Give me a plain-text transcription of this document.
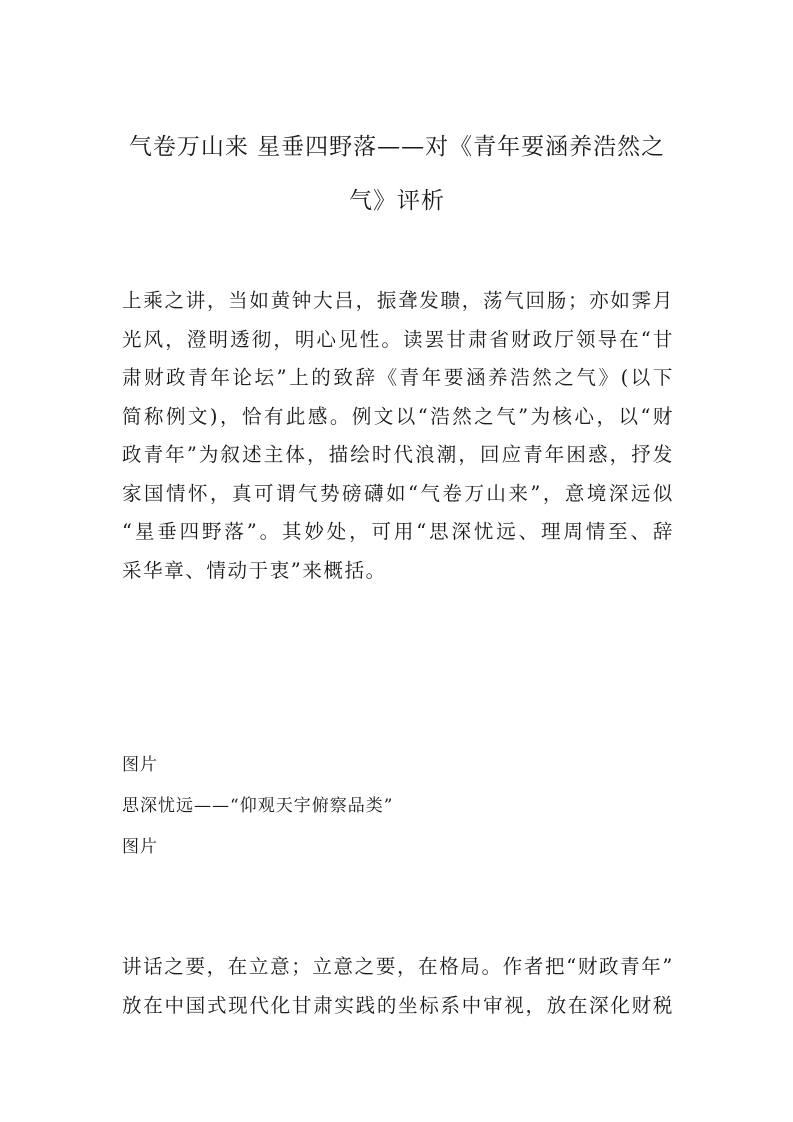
气卷万山来 星垂四野落——对《青年要涵养浩然之
气》评析

上乘之讲，当如黄钟大吕，振聋发聩，荡气回肠；亦如霁月
光风，澄明透彻，明心见性。读罢甘肃省财政厅领导在“甘
肃财政青年论坛”上的致辞《青年要涵养浩然之气》(以下
简称例文)，恰有此感。例文以“浩然之气”为核心，以“财
政青年”为叙述主体，描绘时代浪潮，回应青年困惑，抒发
家国情怀，真可谓气势磅礴如“气卷万山来”，意境深远似
“星垂四野落”。其妙处，可用“思深忧远、理周情至、辞
采华章、情动于衷”来概括。

图片

思深忧远——“仰观天宇俯察品类”

图片

讲话之要，在立意；立意之要，在格局。作者把“财政青年”
放在中国式现代化甘肃实践的坐标系中审视，放在深化财税
